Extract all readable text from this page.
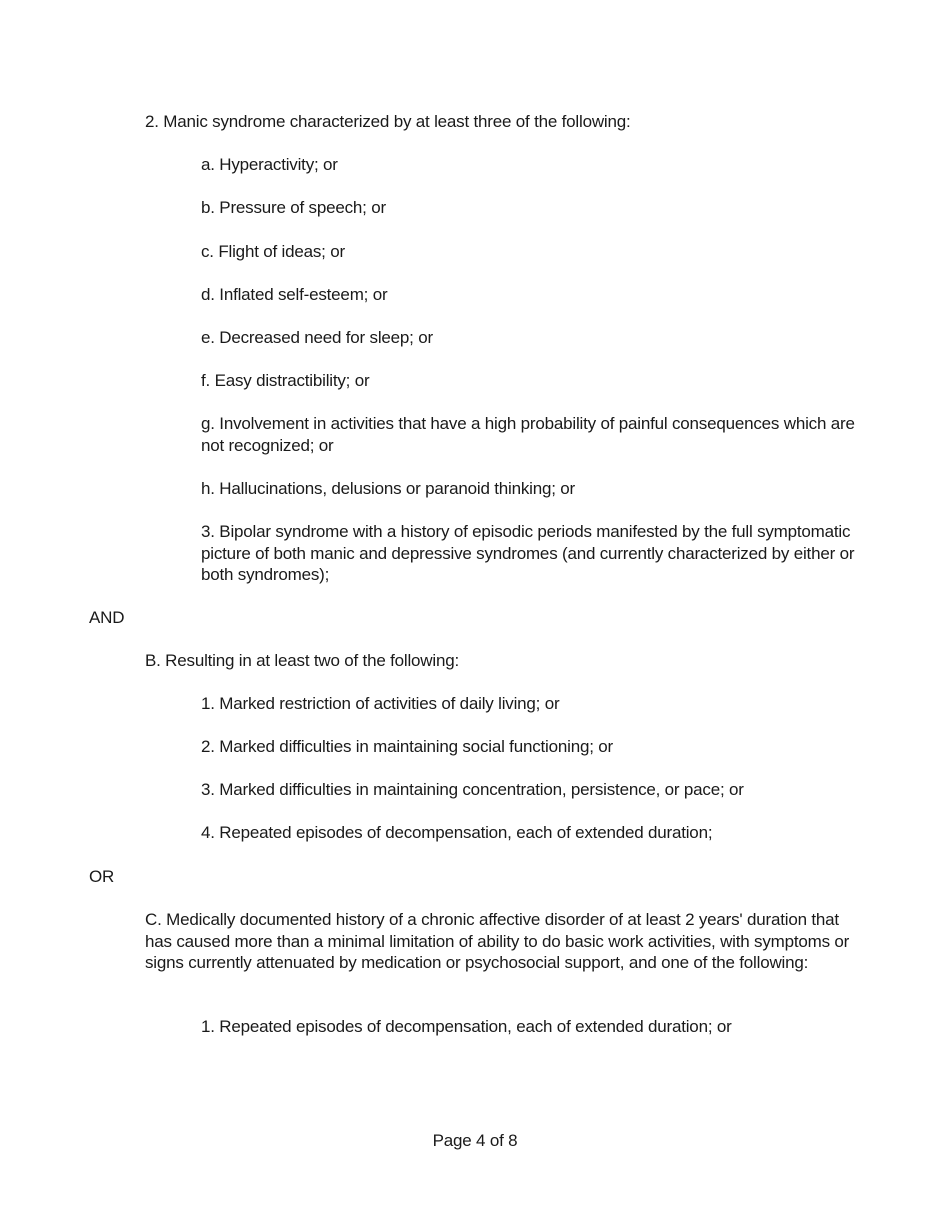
2. Manic syndrome characterized by at least three of the following:

a. Hyperactivity; or

b. Pressure of speech; or

c. Flight of ideas; or

d. Inflated self-esteem; or

e. Decreased need for sleep; or

f. Easy distractibility; or

g. Involvement in activities that have a high probability of painful consequences which are not recognized; or

h. Hallucinations, delusions or paranoid thinking; or

3. Bipolar syndrome with a history of episodic periods manifested by the full symptomatic picture of both manic and depressive syndromes (and currently characterized by either or both syndromes);

AND

B. Resulting in at least two of the following:

1. Marked restriction of activities of daily living; or

2. Marked difficulties in maintaining social functioning; or

3. Marked difficulties in maintaining concentration, persistence, or pace; or

4. Repeated episodes of decompensation, each of extended duration;

OR

C. Medically documented history of a chronic affective disorder of at least 2 years' duration that has caused more than a minimal limitation of ability to do basic work activities, with symptoms or signs currently attenuated by medication or psychosocial support, and one of the following:

1. Repeated episodes of decompensation, each of extended duration; or

Page 4 of 8
